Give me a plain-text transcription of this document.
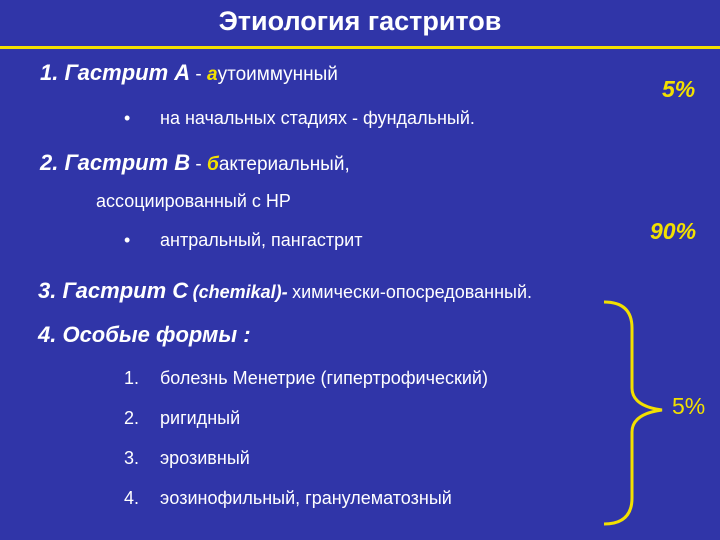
Этиология гастритов
1. Гастрит А - аутоиммунный
5%
• на начальных стадиях - фундальный.
2. Гастрит В - бактериальный,
ассоциированный с НР
90%
• антральный, пангастрит
3. Гастрит С (chemikal)- химически-опосредованный.
4. Особые формы :
1. болезнь Менетрие (гипертрофический)
2. ригидный
3. эрозивный
4. эозинофильный, гранулематозный
5%
